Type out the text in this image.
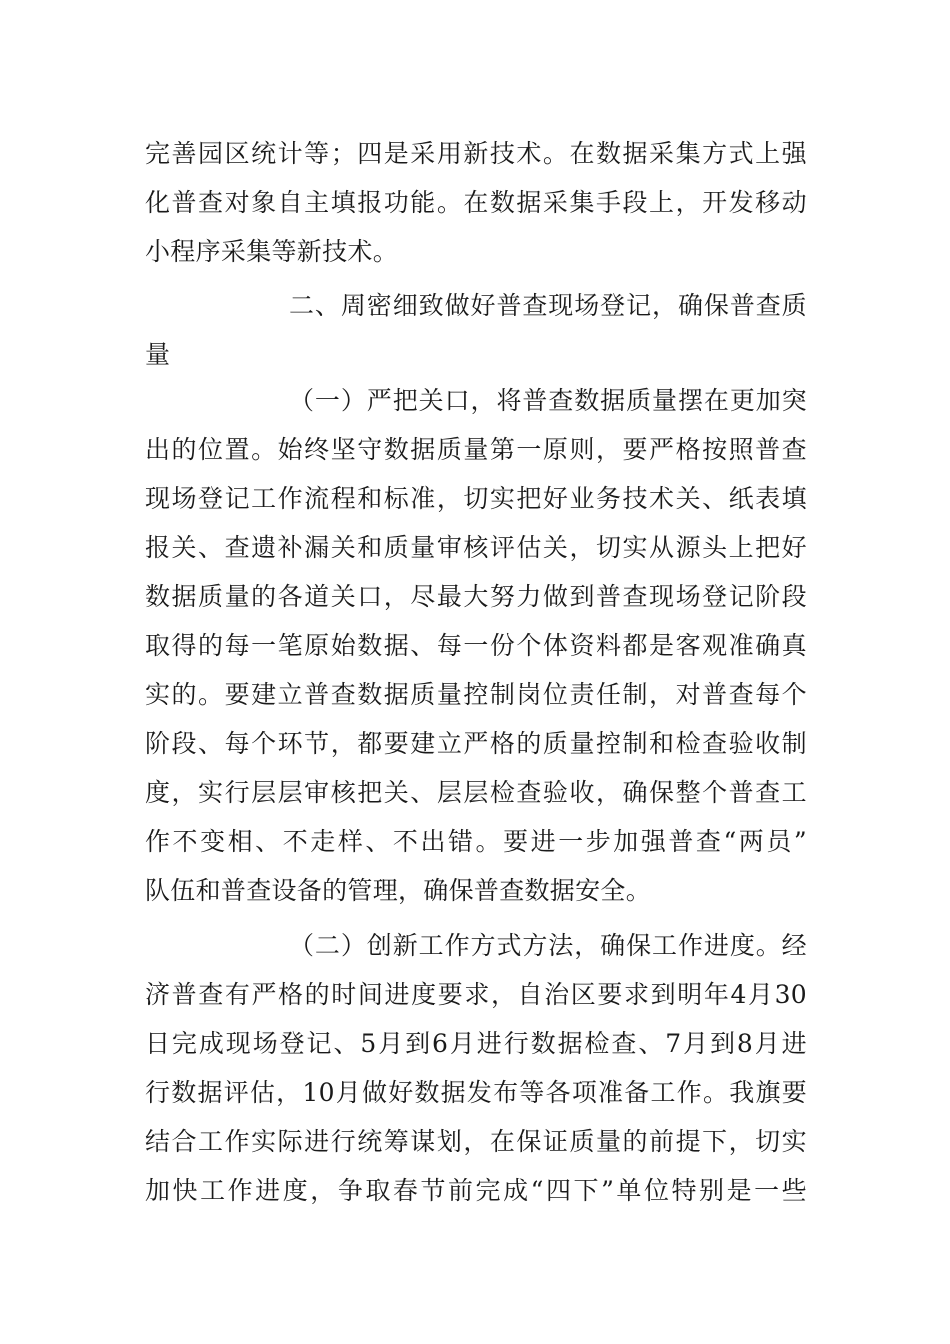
完善园区统计等；四是采用新技术。在数据采集方式上强
化普查对象自主填报功能。在数据采集手段上，开发移动
小程序采集等新技术。
二、周密细致做好普查现场登记，确保普查质
量
（一）严把关口，将普查数据质量摆在更加突
出的位置。始终坚守数据质量第一原则，要严格按照普查
现场登记工作流程和标准，切实把好业务技术关、纸表填
报关、查遗补漏关和质量审核评估关，切实从源头上把好
数据质量的各道关口，尽最大努力做到普查现场登记阶段
取得的每一笔原始数据、每一份个体资料都是客观准确真
实的。要建立普查数据质量控制岗位责任制，对普查每个
阶段、每个环节，都要建立严格的质量控制和检查验收制
度，实行层层审核把关、层层检查验收，确保整个普查工
作不变相、不走样、不出错。要进一步加强普查“两员”
队伍和普查设备的管理，确保普查数据安全。
（二）创新工作方式方法，确保工作进度。经
济普查有严格的时间进度要求，自治区要求到明年4月30
日完成现场登记、5月到6月进行数据检查、7月到8月进
行数据评估，10月做好数据发布等各项准备工作。我旗要
结合工作实际进行统筹谋划，在保证质量的前提下，切实
加快工作进度，争取春节前完成“四下”单位特别是一些
